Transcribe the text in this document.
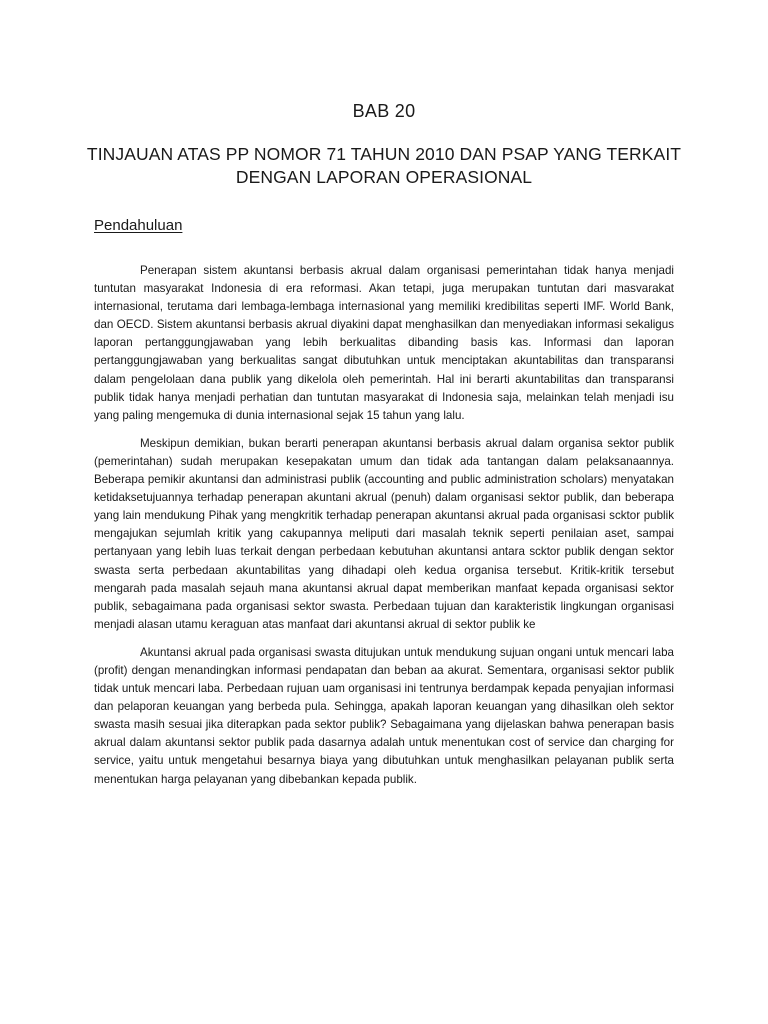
BAB 20
TINJAUAN ATAS PP NOMOR 71 TAHUN 2010 DAN PSAP YANG TERKAIT DENGAN LAPORAN OPERASIONAL
Pendahuluan

Penerapan sistem akuntansi berbasis akrual dalam organisasi pemerintahan tidak hanya menjadi tuntutan masyarakat Indonesia di era reformasi. Akan tetapi, juga merupakan tuntutan dari masvarakat internasional, terutama dari lembaga-lembaga internasional yang memiliki kredibilitas seperti IMF. World Bank, dan OECD. Sistem akuntansi berbasis akrual diyakini dapat menghasilkan dan menyediakan informasi sekaligus laporan pertanggungjawaban yang lebih berkualitas dibanding basis kas. Informasi dan laporan pertanggungjawaban yang berkualitas sangat dibutuhkan untuk menciptakan akuntabilitas dan transparansi dalam pengelolaan dana publik yang dikelola oleh pemerintah. Hal ini berarti akuntabilitas dan transparansi publik tidak hanya menjadi perhatian dan tuntutan masyarakat di Indonesia saja, melainkan telah menjadi isu yang paling mengemuka di dunia internasional sejak 15 tahun yang lalu.

Meskipun demikian, bukan berarti penerapan akuntansi berbasis akrual dalam organisa sektor publik (pemerintahan) sudah merupakan kesepakatan umum dan tidak ada tantangan dalam pelaksanaannya. Beberapa pemikir akuntansi dan administrasi publik (accounting and public administration scholars) menyatakan ketidaksetujuannya terhadap penerapan akuntani akrual (penuh) dalam organisasi sektor publik, dan beberapa yang lain mendukung Pihak yang mengkritik terhadap penerapan akuntansi akrual pada organisasi scktor publik mengajukan sejumlah kritik yang cakupannya meliputi dari masalah teknik seperti penilaian aset, sampai pertanyaan yang lebih luas terkait dengan perbedaan kebutuhan akuntansi antara scktor publik dengan sektor swasta serta perbedaan akuntabilitas yang dihadapi oleh kedua organisa tersebut. Kritik-kritik tersebut mengarah pada masalah sejauh mana akuntansi akrual dapat memberikan manfaat kepada organisasi sektor publik, sebagaimana pada organisasi sektor swasta. Perbedaan tujuan dan karakteristik lingkungan organisasi menjadi alasan utamu keraguan atas manfaat dari akuntansi akrual di sektor publik ke

Akuntansi akrual pada organisasi swasta ditujukan untuk mendukung sujuan ongani untuk mencari laba (profit) dengan menandingkan informasi pendapatan dan beban aa akurat. Sementara, organisasi sektor publik tidak untuk mencari laba. Perbedaan rujuan uam organisasi ini tentrunya berdampak kepada penyajian informasi dan pelaporan keuangan yang berbeda pula. Sehingga, apakah laporan keuangan yang dihasilkan oleh sektor swasta masih sesuai jika diterapkan pada sektor publik? Sebagaimana yang dijelaskan bahwa penerapan basis akrual dalam akuntansi sektor publik pada dasarnya adalah untuk menentukan cost of service dan charging for service, yaitu untuk mengetahui besarnya biaya yang dibutuhkan untuk menghasilkan pelayanan publik serta menentukan harga pelayanan yang dibebankan kepada publik.
